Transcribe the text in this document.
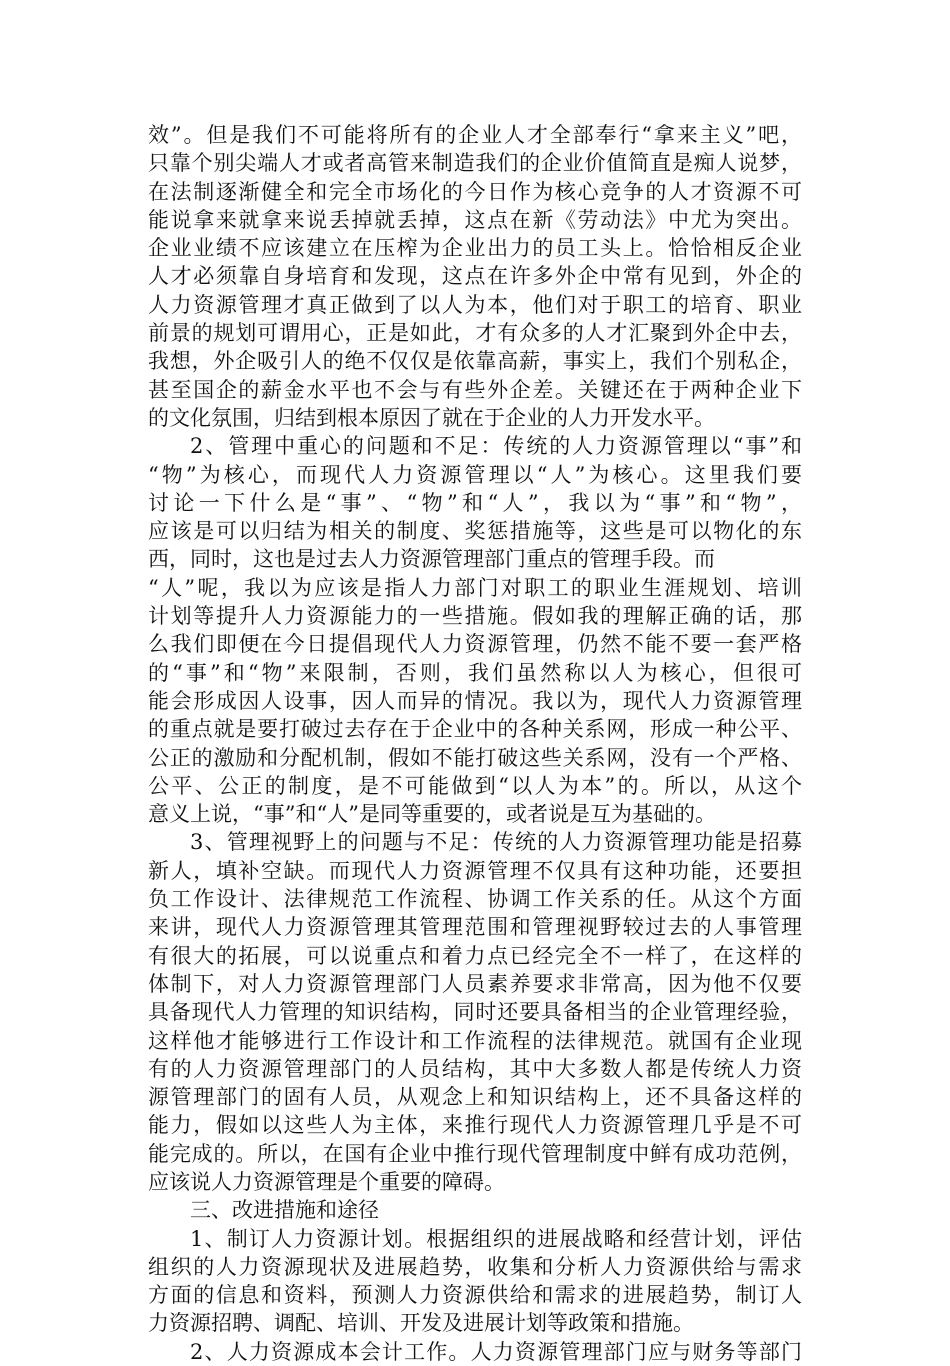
效”。但是我们不可能将所有的企业人才全部奉行“拿来主义”吧，
只靠个别尖端人才或者高管来制造我们的企业价值简直是痴人说梦，
在法制逐渐健全和完全市场化的今日作为核心竞争的人才资源不可
能说拿来就拿来说丢掉就丢掉，这点在新《劳动法》中尤为突出。
企业业绩不应该建立在压榨为企业出力的员工头上。恰恰相反企业
人才必须靠自身培育和发现，这点在许多外企中常有见到，外企的
人力资源管理才真正做到了以人为本，他们对于职工的培育、职业
前景的规划可谓用心，正是如此，才有众多的人才汇聚到外企中去，
我想，外企吸引人的绝不仅仅是依靠高薪，事实上，我们个别私企，
甚至国企的薪金水平也不会与有些外企差。关键还在于两种企业下
的文化氛围，归结到根本原因了就在于企业的人力开发水平。
2、管理中重心的问题和不足：传统的人力资源管理以“事”和
“物”为核心，而现代人力资源管理以“人”为核心。这里我们要
讨论一下什么是“事”、“物”和“人”，我以为“事”和“物”，
应该是可以归结为相关的制度、奖惩措施等，这些是可以物化的东
西，同时，这也是过去人力资源管理部门重点的管理手段。而
“人”呢，我以为应该是指人力部门对职工的职业生涯规划、培训
计划等提升人力资源能力的一些措施。假如我的理解正确的话，那
么我们即便在今日提倡现代人力资源管理，仍然不能不要一套严格
的“事”和“物”来限制，否则，我们虽然称以人为核心，但很可
能会形成因人设事，因人而异的情况。我以为，现代人力资源管理
的重点就是要打破过去存在于企业中的各种关系网，形成一种公平、
公正的激励和分配机制，假如不能打破这些关系网，没有一个严格、
公平、公正的制度，是不可能做到“以人为本”的。所以，从这个
意义上说，“事”和“人”是同等重要的，或者说是互为基础的。
3、管理视野上的问题与不足：传统的人力资源管理功能是招募
新人，填补空缺。而现代人力资源管理不仅具有这种功能，还要担
负工作设计、法律规范工作流程、协调工作关系的任。从这个方面
来讲，现代人力资源管理其管理范围和管理视野较过去的人事管理
有很大的拓展，可以说重点和着力点已经完全不一样了，在这样的
体制下，对人力资源管理部门人员素养要求非常高，因为他不仅要
具备现代人力管理的知识结构，同时还要具备相当的企业管理经验，
这样他才能够进行工作设计和工作流程的法律规范。就国有企业现
有的人力资源管理部门的人员结构，其中大多数人都是传统人力资
源管理部门的固有人员，从观念上和知识结构上，还不具备这样的
能力，假如以这些人为主体，来推行现代人力资源管理几乎是不可
能完成的。所以，在国有企业中推行现代管理制度中鲜有成功范例，
应该说人力资源管理是个重要的障碍。
三、改进措施和途径
1、制订人力资源计划。根据组织的进展战略和经营计划，评估
组织的人力资源现状及进展趋势，收集和分析人力资源供给与需求
方面的信息和资料，预测人力资源供给和需求的进展趋势，制订人
力资源招聘、调配、培训、开发及进展计划等政策和措施。
2、人力资源成本会计工作。人力资源管理部门应与财务等部门
